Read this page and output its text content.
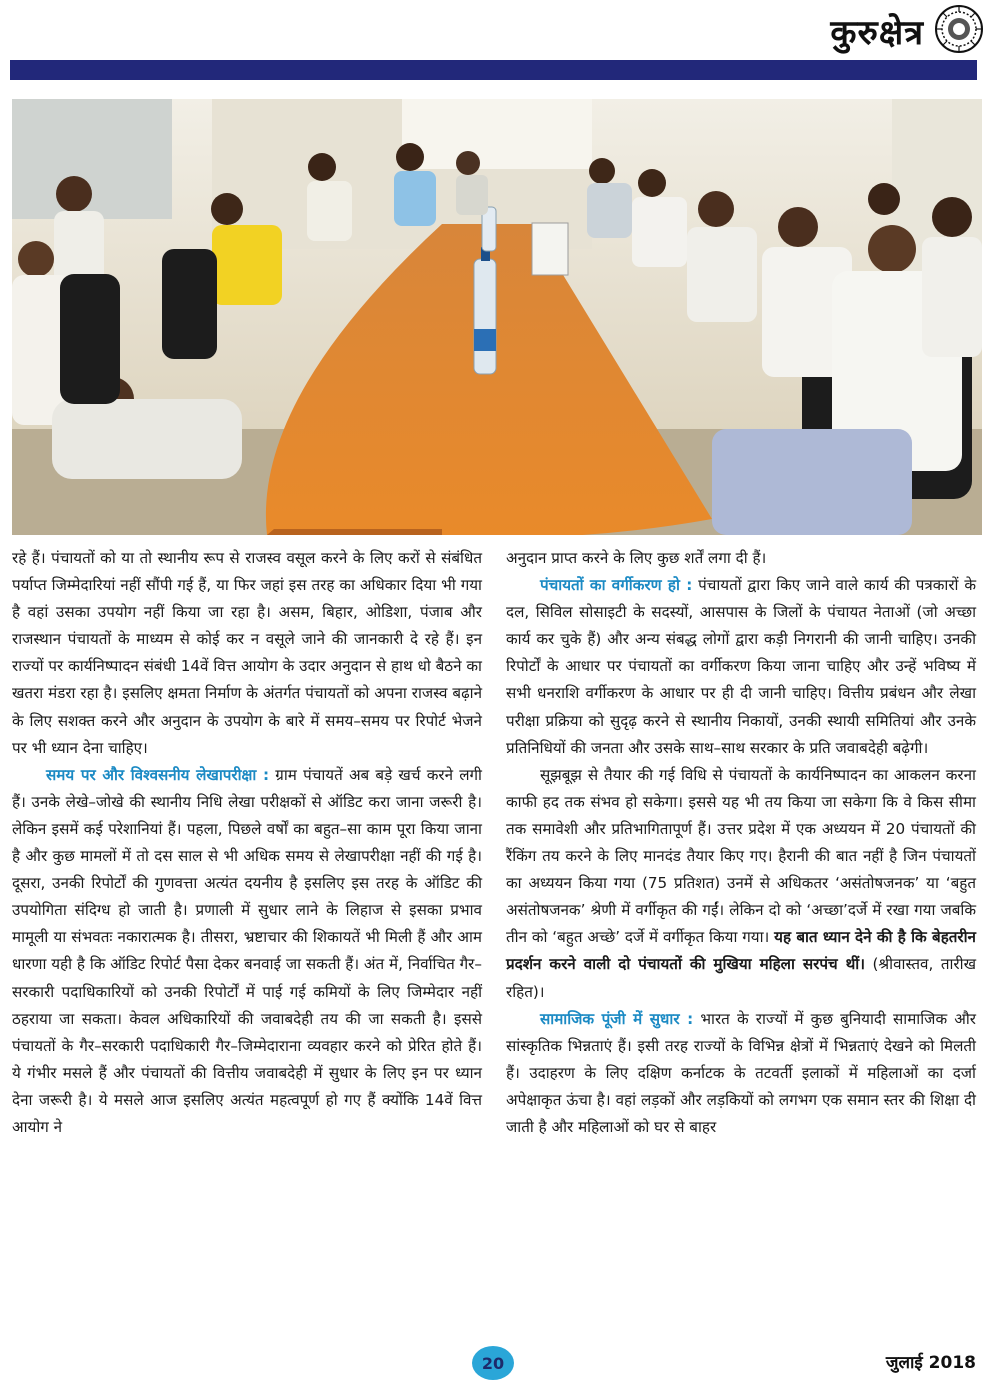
कुरुक्षेत्र

रहे हैं। पंचायतों को या तो स्थानीय रूप से राजस्व वसूल करने के लिए करों से संबंधित पर्याप्त जिम्मेदारियां नहीं सौंपी गई हैं, या फिर जहां इस तरह का अधिकार दिया भी गया है वहां उसका उपयोग नहीं किया जा रहा है। असम, बिहार, ओडिशा, पंजाब और राजस्थान पंचायतों के माध्यम से कोई कर न वसूले जाने की जानकारी दे रहे हैं। इन राज्यों पर कार्यनिष्पादन संबंधी 14वें वित्त आयोग के उदार अनुदान से हाथ धो बैठने का खतरा मंडरा रहा है। इसलिए क्षमता निर्माण के अंतर्गत पंचायतों को अपना राजस्व बढ़ाने के लिए सशक्त करने और अनुदान के उपयोग के बारे में समय–समय पर रिपोर्ट भेजने पर भी ध्यान देना चाहिए।

समय पर और विश्वसनीय लेखापरीक्षा : ग्राम पंचायतें अब बड़े खर्च करने लगी हैं। उनके लेखे–जोखे की स्थानीय निधि लेखा परीक्षकों से ऑडिट करा जाना जरूरी है। लेकिन इसमें कई परेशानियां हैं। पहला, पिछले वर्षों का बहुत–सा काम पूरा किया जाना है और कुछ मामलों में तो दस साल से भी अधिक समय से लेखापरीक्षा नहीं की गई है। दूसरा, उनकी रिपोर्टों की गुणवत्ता अत्यंत दयनीय है इसलिए इस तरह के ऑडिट की उपयोगिता संदिग्ध हो जाती है। प्रणाली में सुधार लाने के लिहाज से इसका प्रभाव मामूली या संभवतः नकारात्मक है। तीसरा, भ्रष्टाचार की शिकायतें भी मिली हैं और आम धारणा यही है कि ऑडिट रिपोर्ट पैसा देकर बनवाई जा सकती हैं। अंत में, निर्वाचित गैर–सरकारी पदाधिकारियों को उनकी रिपोर्टों में पाई गई कमियों के लिए जिम्मेदार नहीं ठहराया जा सकता। केवल अधिकारियों की जवाबदेही तय की जा सकती है। इससे पंचायतों के गैर–सरकारी पदाधिकारी गैर–जिम्मेदाराना व्यवहार करने को प्रेरित होते हैं। ये गंभीर मसले हैं और पंचायतों की वित्तीय जवाबदेही में सुधार के लिए इन पर ध्यान देना जरूरी है। ये मसले आज इसलिए अत्यंत महत्वपूर्ण हो गए हैं क्योंकि 14वें वित्त आयोग ने

अनुदान प्राप्त करने के लिए कुछ शर्तें लगा दी हैं।

पंचायतों का वर्गीकरण हो : पंचायतों द्वारा किए जाने वाले कार्य की पत्रकारों के दल, सिविल सोसाइटी के सदस्यों, आसपास के जिलों के पंचायत नेताओं (जो अच्छा कार्य कर चुके हैं) और अन्य संबद्ध लोगों द्वारा कड़ी निगरानी की जानी चाहिए। उनकी रिपोर्टों के आधार पर पंचायतों का वर्गीकरण किया जाना चाहिए और उन्हें भविष्य में सभी धनराशि वर्गीकरण के आधार पर ही दी जानी चाहिए। वित्तीय प्रबंधन और लेखा परीक्षा प्रक्रिया को सुदृढ़ करने से स्थानीय निकायों, उनकी स्थायी समितियां और उनके प्रतिनिधियों की जनता और उसके साथ–साथ सरकार के प्रति जवाबदेही बढ़ेगी।

सूझबूझ से तैयार की गई विधि से पंचायतों के कार्यनिष्पादन का आकलन करना काफी हद तक संभव हो सकेगा। इससे यह भी तय किया जा सकेगा कि वे किस सीमा तक समावेशी और प्रतिभागितापूर्ण हैं। उत्तर प्रदेश में एक अध्ययन में 20 पंचायतों की रैंकिंग तय करने के लिए मानदंड तैयार किए गए। हैरानी की बात नहीं है जिन पंचायतों का अध्ययन किया गया (75 प्रतिशत) उनमें से अधिकतर ‘असंतोषजनक’ या ‘बहुत असंतोषजनक’ श्रेणी में वर्गीकृत की गईं। लेकिन दो को ‘अच्छा’दर्जे में रखा गया जबकि तीन को ‘बहुत अच्छे’ दर्जे में वर्गीकृत किया गया। यह बात ध्यान देने की है कि बेहतरीन प्रदर्शन करने वाली दो पंचायतों की मुखिया महिला सरपंच थीं। (श्रीवास्तव, तारीख रहित)।

सामाजिक पूंजी में सुधार : भारत के राज्यों में कुछ बुनियादी सामाजिक और सांस्कृतिक भिन्नताएं हैं। इसी तरह राज्यों के विभिन्न क्षेत्रों में भिन्नताएं देखने को मिलती हैं। उदाहरण के लिए दक्षिण कर्नाटक के तटवर्ती इलाकों में महिलाओं का दर्जा अपेक्षाकृत ऊंचा है। वहां लड़कों और लड़कियों को लगभग एक समान स्तर की शिक्षा दी जाती है और महिलाओं को घर से बाहर

20	जुलाई 2018
